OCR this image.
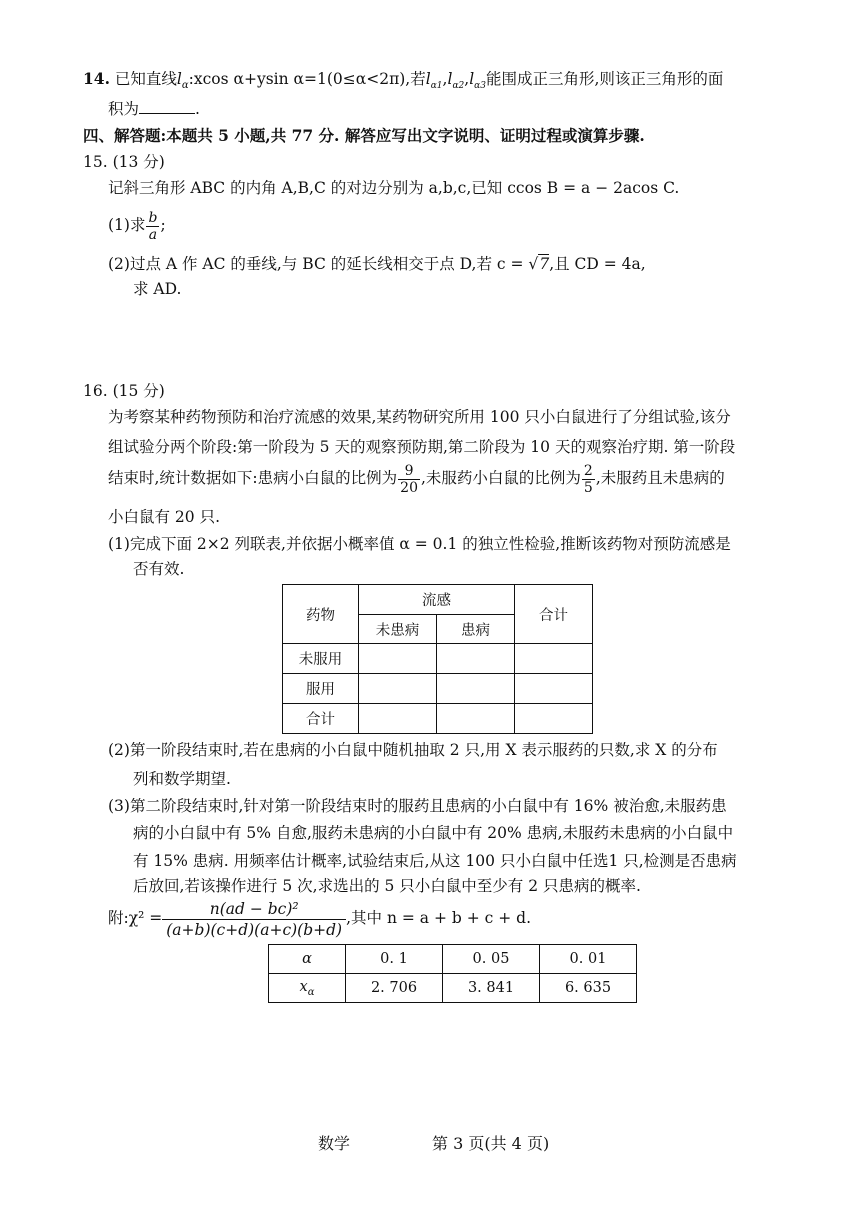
14. 已知直线$l_\alpha:xcos$ α+ysin α=1(0≤α<2π),若$l_{\alpha 1},l_{\alpha 2},l_{\alpha 3}$能围成正三角形,则该正三角形的面
积为	.
四、解答题:本题共 5 小题,共 77 分. 解答应写出文字说明、证明过程或演算步骤.
15. (13 分)
记斜三角形 ABC 的内角 A,B,C 的对边分别为 a,b,c,已知 ccos B = a − 2acos C.
(1)求 $\frac{b}{a}$ ;
(2)过点 A 作 AC 的垂线,与 BC 的延长线相交于点 D,若 c = √7,且 CD = 4a,
求 AD.
16. (15 分)
为考察某种药物预防和治疗流感的效果,某药物研究所用 100 只小白鼠进行了分组试验,该分
组试验分两个阶段:第一阶段为 5 天的观察预防期,第二阶段为 10 天的观察治疗期. 第一阶段
结束时,统计数据如下:患病小白鼠的比例为 $\frac{9}{20}$ ,未服药小白鼠的比例为 $\frac{2}{5}$ ,未服药且未患病的
小白鼠有 20 只.
(1)完成下面 2×2 列联表,并依据小概率值 α = 0.1 的独立性检验,推断该药物对预防流感是
否有效.
药物	流感		合计
	未患病	患病	
未服用			
服用			
合计			
(2)第一阶段结束时,若在患病的小白鼠中随机抽取 2 只,用 X 表示服药的只数,求 X 的分布
列和数学期望.
(3)第二阶段结束时,针对第一阶段结束时的服药且患病的小白鼠中有 16% 被治愈,未服药患
病的小白鼠中有 5% 自愈,服药未患病的小白鼠中有 20% 患病,未服药未患病的小白鼠中
有 15% 患病. 用频率估计概率,试验结束后,从这 100 只小白鼠中任选1 只,检测是否患病
后放回,若该操作进行 5 次,求选出的 5 只小白鼠中至少有 2 只患病的概率.
附:χ² = $\frac{\text{n(ad − bc)²}}{(a+b)(c+d)(a+c)(b+d)}$ ,其中 n = a + b + c + d.
α	0. 1	0. 05	0. 01
$x_\alpha$	2. 706	3. 841	6. 635
数学	第 3 页(共 4 页)
